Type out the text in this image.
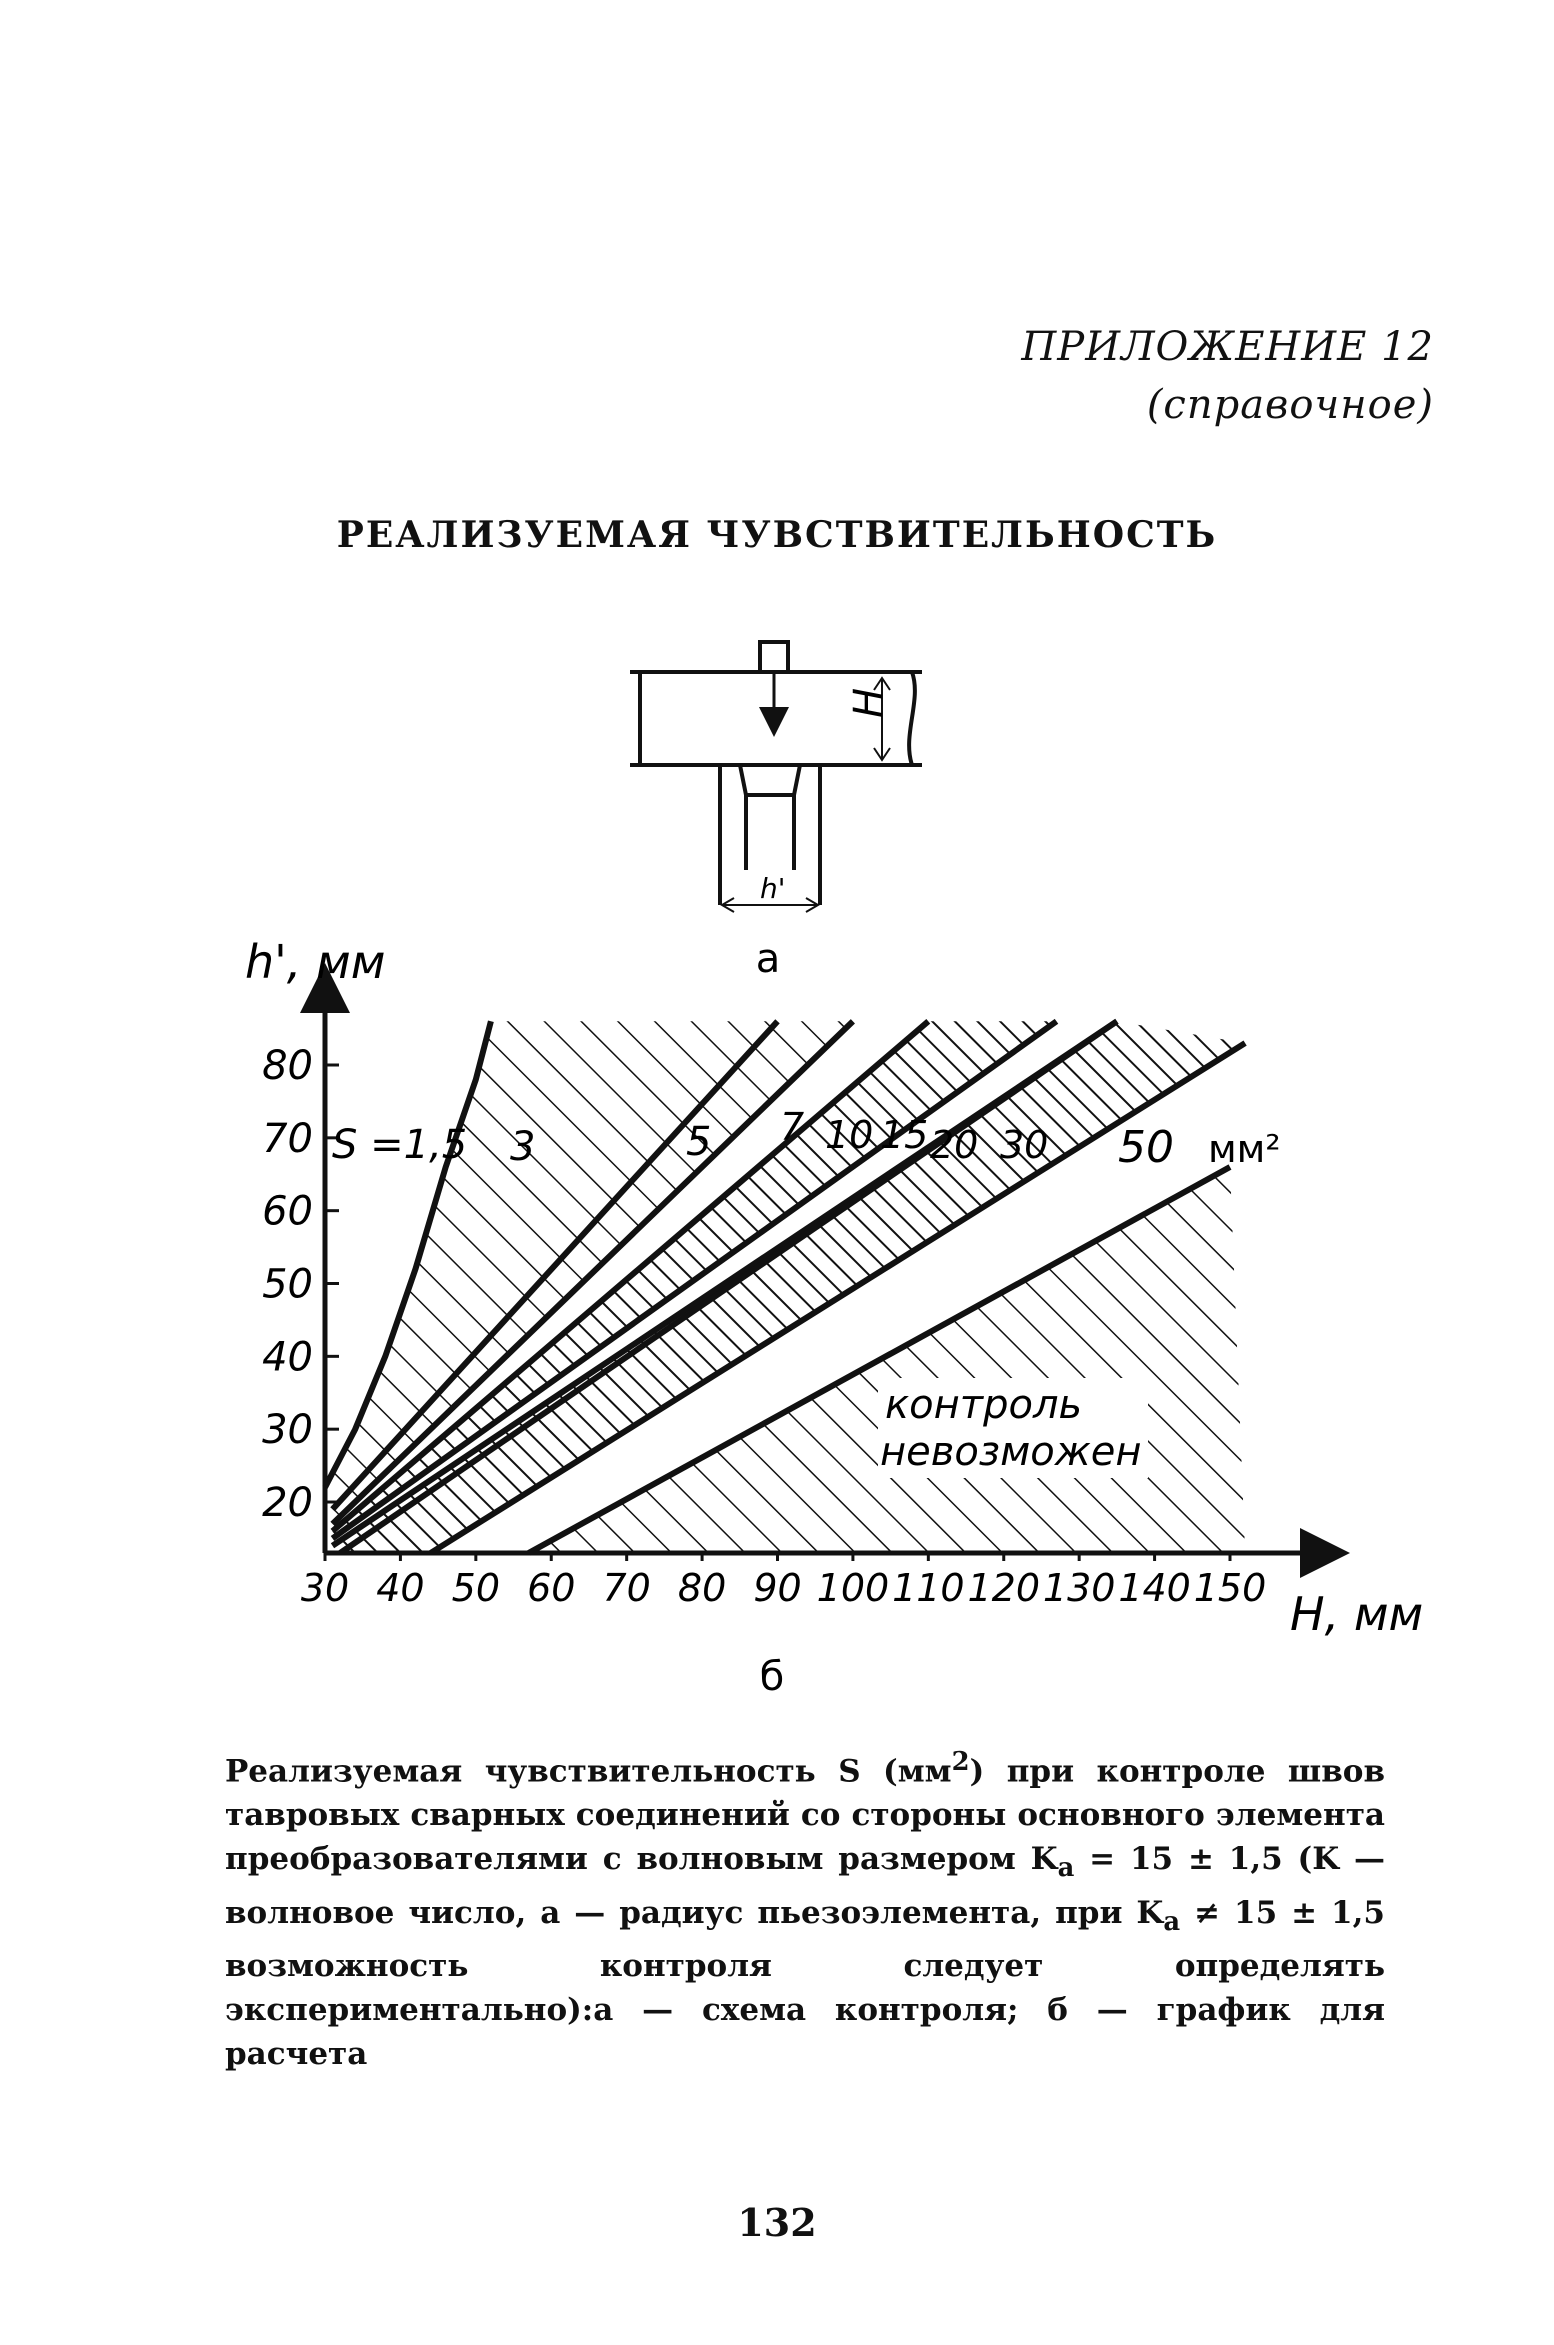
ПРИЛОЖЕНИЕ 12
(справочное)
РЕАЛИЗУЕМАЯ ЧУВСТВИТЕЛЬНОСТЬ
H
h'
а
30 40 50 60 70 80 90 100 110 120 130 140 150
80
70
60
50
40
30
20
h', мм
H, мм
S =1,5 3	5 7 10 15 20 30 50 мм²
контроль
невозможен
б
Реализуемая чувствительность S $(мм^2)$ при контроле швов тавровых сварных соединений со стороны основного элемента преобразователями с волновым размером $K_а = 15 \pm 1,5$ (K — волновое число, а — радиус пьезоэлемента, при $K_а \ne 15 \pm 1,5$ возможность контроля следует определять экспериментально):а — схема контроля; б — график для расчета
132
